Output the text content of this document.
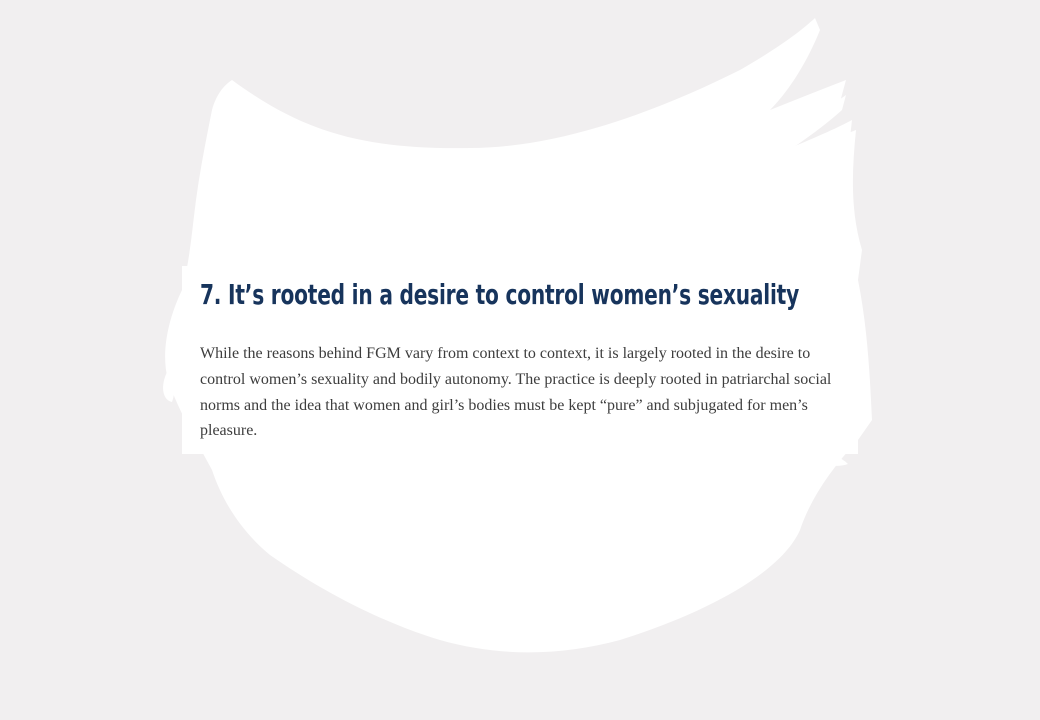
7. It’s rooted in a desire to control women’s sexuality

While the reasons behind FGM vary from context to context, it is largely rooted in the desire to control women’s sexuality and bodily autonomy. The practice is deeply rooted in patriarchal social norms and the idea that women and girl’s bodies must be kept “pure” and subjugated for men’s pleasure.
